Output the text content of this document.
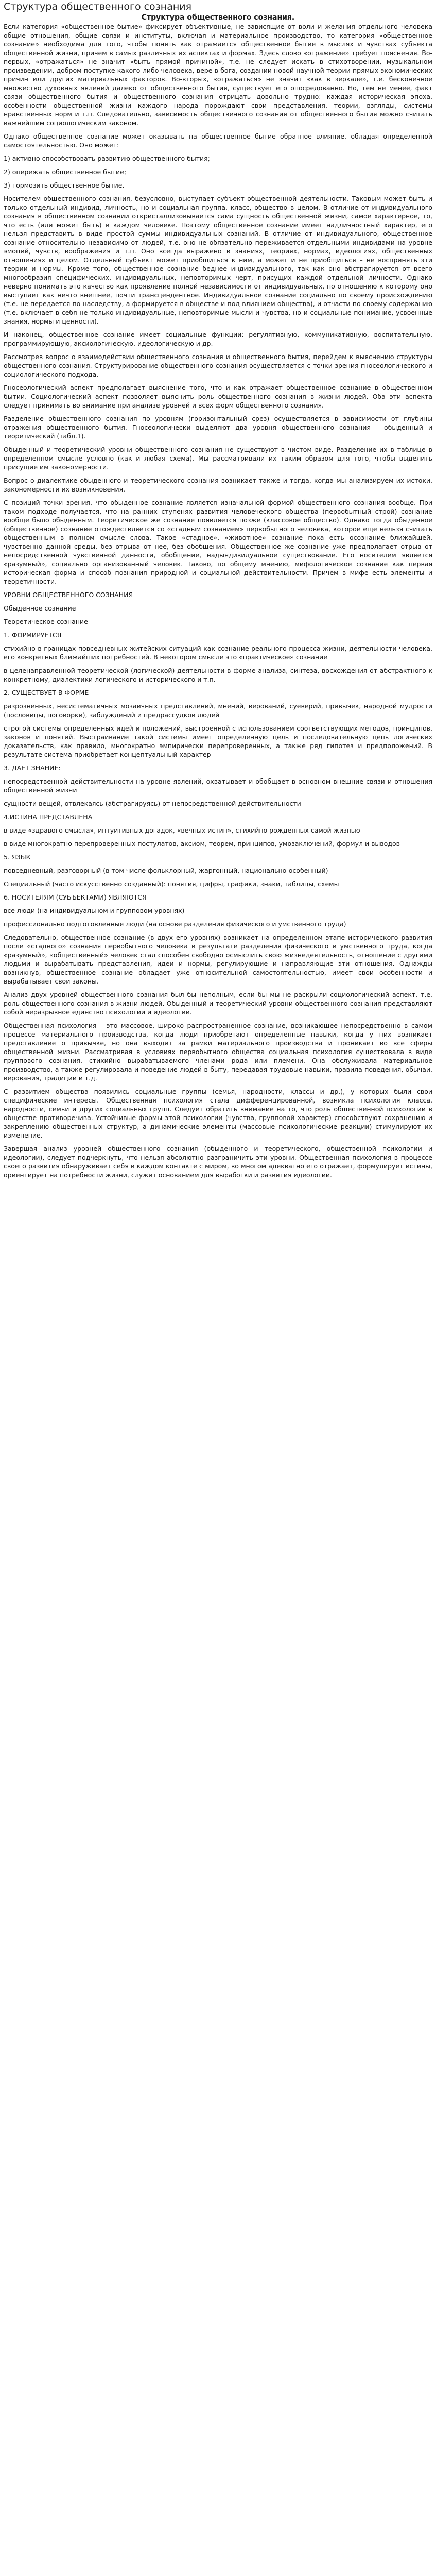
Структура общественного сознания
Структура общественного сознания.

Если категория «общественное бытие» фиксирует объективные, не зависящие от воли и желания отдельного человека общие отношения, общие связи и институты, включая и материальное производство, то категория «общественное сознание» необходима для того, чтобы понять как отражается общественное бытие в мыслях и чувствах субъекта общественной жизни, причем в самых различных их аспектах и формах. Здесь слово «отражение» требует пояснения. Во-первых, «отражаться» не значит «быть прямой причиной», т.е. не следует искать в стихотворении, музыкальном произведении, добром поступке какого-либо человека, вере в бога, создании новой научной теории прямых экономических причин или других материальных факторов. Во-вторых, «отражаться» не значит «как в зеркале», т.е. бесконечное множество духовных явлений далеко от общественного бытия, существует его опосредованно. Но, тем не менее, факт связи общественного бытия и общественного сознания отрицать довольно трудно: каждая историческая эпоха, особенности общественной жизни каждого народа порождают свои представления, теории, взгляды, системы нравственных норм и т.п. Следовательно, зависимость общественного сознания от общественного бытия можно считать важнейшим социологическим законом.

Однако общественное сознание может оказывать на общественное бытие обратное влияние, обладая определенной самостоятельностью. Оно может:

1) активно способствовать развитию общественного бытия;
2) опережать общественное бытие;
3) тормозить общественное бытие.

Носителем общественного сознания, безусловно, выступает субъект общественной деятельности. Таковым может быть и только отдельный индивид, личность, но и социальная группа, класс, общество в целом. В отличие от индивидуального сознания в общественном сознании откристаллизовывается сама сущность общественной жизни, самое характерное, то, что есть (или может быть) в каждом человеке. Поэтому общественное сознание имеет надличностный характер, его нельзя представить в виде простой суммы индивидуальных сознаний. В отличие от индивидуального, общественное сознание относительно независимо от людей, т.е. оно не обязательно переживается отдельными индивидами на уровне эмоций, чувств, воображения и т.п. Оно всегда выражено в знаниях, теориях, нормах, идеологиях, общественных отношениях и целом. Отдельный субъект может приобщиться к ним, а может и не приобщиться – не воспринять эти теории и нормы. Кроме того, общественное сознание беднее индивидуального, так как оно абстрагируется от всего многообразия специфических, индивидуальных, неповторимых черт, присущих каждой отдельной личности. Однако неверно понимать это качество как проявление полной независимости от индивидуальных, по отношению к которому оно выступает как нечто внешнее, почти трансцендентное. Индивидуальное сознание социально по своему происхождению (т.е. не передается по наследству, а формируется в обществе и под влиянием общества), и отчасти по своему содержанию (т.е. включает в себя не только индивидуальные, неповторимые мысли и чувства, но и социальные понимание, усвоенные знания, нормы и ценности).

И наконец, общественное сознание имеет социальные функции: регулятивную, коммуникативную, воспитательную, программирующую, аксиологическую, идеологическую и др.

Рассмотрев вопрос о взаимодействии общественного сознания и общественного бытия, перейдем к выяснению структуры общественного сознания. Структурирование общественного сознания осуществляется с точки зрения гносеологического и социологического подхода.

Гносеологический аспект предполагает выяснение того, что и как отражает общественное сознание в общественном бытии. Социологический аспект позволяет выяснить роль общественного сознания в жизни людей. Оба эти аспекта следует принимать во внимание при анализе уровней и всех форм общественного сознания.

Разделение общественного сознания по уровням (горизонтальный срез) осуществляется в зависимости от глубины отражения общественного бытия. Гносеологически выделяют два уровня общественного сознания – обыденный и теоретический (табл.1).

Обыденный и теоретический уровни общественного сознания не существуют в чистом виде. Разделение их в таблице в определенном смысле условно (как и любая схема). Мы рассматривали их таким образом для того, чтобы выделить присущие им закономерности.

Вопрос о диалектике обыденного и теоретического сознания возникает также и тогда, когда мы анализируем их истоки, закономерности их возникновения.

С позиций точки зрения, что обыденное сознание является изначальной формой общественного сознания вообще. При таком подходе получается, что на ранних ступенях развития человеческого общества (первобытный строй) сознание вообще было обыденным. Теоретическое же сознание появляется позже (классовое общество). Однако тогда обыденное (общественное) сознание отождествляется со «стадным сознанием» первобытного человека, которое еще нельзя считать общественным в полном смысле слова. Такое «стадное», «животное» сознание пока есть осознание ближайшей, чувственно данной среды, без отрыва от нее, без обобщения. Общественное же сознание уже предполагает отрыв от непосредственной чувственной данности, обобщение, надындивидуальное существование. Его носителем является «разумный», социально организованный человек. Таково, по общему мнению, мифологическое сознание как первая историческая форма и способ познания природной и социальной действительности. Причем в мифе есть элементы и теоретичности.

УРОВНИ ОБЩЕСТВЕННОГО СОЗНАНИЯ

Обыденное сознание

Теоретическое сознание

1. ФОРМИРУЕТСЯ

стихийно в границах повседневных житейских ситуаций как сознание реального процесса жизни, деятельности человека, его конкретных ближайших потребностей. В некотором смысле это «практическое» сознание

в целенаправленной теоретической (логической) деятельности в форме анализа, синтеза, восхождения от абстрактного к конкретному, диалектики логического и исторического и т.п.

2. СУЩЕСТВУЕТ В ФОРМЕ

разрозненных, несистематичных мозаичных представлений, мнений, верований, суеверий, привычек, народной мудрости (пословицы, поговорки), заблуждений и предрассудков людей

строгой системы определенных идей и положений, выстроенной с использованием соответствующих методов, принципов, законов и понятий. Выстраивание такой системы имеет определенную цель и последовательную цепь логических доказательств, как правило, многократно эмпирически перепроверенных, а также ряд гипотез и предположений. В результате система приобретает концептуальный характер

3. ДАЕТ ЗНАНИЕ:

непосредственной действительности на уровне явлений, охватывает и обобщает в основном внешние связи и отношения общественной жизни

сущности вещей, отвлекаясь (абстрагируясь) от непосредственной действительности

4.ИСТИНА ПРЕДСТАВЛЕНА

в виде «здравого смысла», интуитивных догадок, «вечных истин», стихийно рожденных самой жизнью

в виде многократно перепроверенных постулатов, аксиом, теорем, принципов, умозаключений, формул и выводов

5. ЯЗЫК

повседневный, разговорный (в том числе фольклорный, жаргонный, национально-особенный)

Специальный (часто искусственно созданный): понятия, цифры, графики, знаки, таблицы, схемы

6. НОСИТЕЛЯМ (СУБЪЕКТАМИ) ЯВЛЯЮТСЯ

все люди (на индивидуальном и групповом уровнях)

профессионально подготовленные люди (на основе разделения физического и умственного труда)

Следовательно, общественное сознание (в двух его уровнях) возникает на определенном этапе исторического развития после «стадного» сознания первобытного человека в результате разделения физического и умственного труда, когда «разумный», «общественный» человек стал способен свободно осмыслить свою жизнедеятельность, отношение с другими людьми и вырабатывать представления, идеи и нормы, регулирующие и направляющие эти отношения. Однажды возникнув, общественное сознание обладает уже относительной самостоятельностью, имеет свои особенности и вырабатывает свои законы.

Анализ двух уровней общественного сознания был бы неполным, если бы мы не раскрыли социологический аспект, т.е. роль общественного сознания в жизни людей. Обыденный и теоретический уровни общественного сознания представляют собой неразрывное единство психологии и идеологии.

Общественная психология – это массовое, широко распространенное сознание, возникающее непосредственно в самом процессе материального производства, когда люди приобретают определенные навыки, когда у них возникает представление о привычке, но она выходит за рамки материального производства и проникает во все сферы общественной жизни. Рассматривая в условиях первобытного общества социальная психология существовала в виде группового сознания, стихийно вырабатываемого членами рода или племени. Она обслуживала материальное производство, а также регулировала и поведение людей в быту, передавая трудовые навыки, правила поведения, обычаи, верования, традиции и т.д.

С развитием общества появились социальные группы (семья, народности, классы и др.), у которых были свои специфические интересы. Общественная психология стала дифференцированной, возникла психология класса, народности, семьи и других социальных групп. Следует обратить внимание на то, что роль общественной психологии в обществе противоречива. Устойчивые формы этой психологии (чувства, групповой характер) способствуют сохранению и закреплению общественных структур, а динамические элементы (массовые психологические реакции) стимулируют их изменение.

Завершая анализ уровней общественного сознания (обыденного и теоретического, общественной психологии и идеологии), следует подчеркнуть, что нельзя абсолютно разграничить эти уровни. Общественная психология в процессе своего развития обнаруживает себя в каждом контакте с миром, во многом адекватно его отражает, формулирует истины, ориентирует на потребности жизни, служит основанием для выработки и развития идеологии.
